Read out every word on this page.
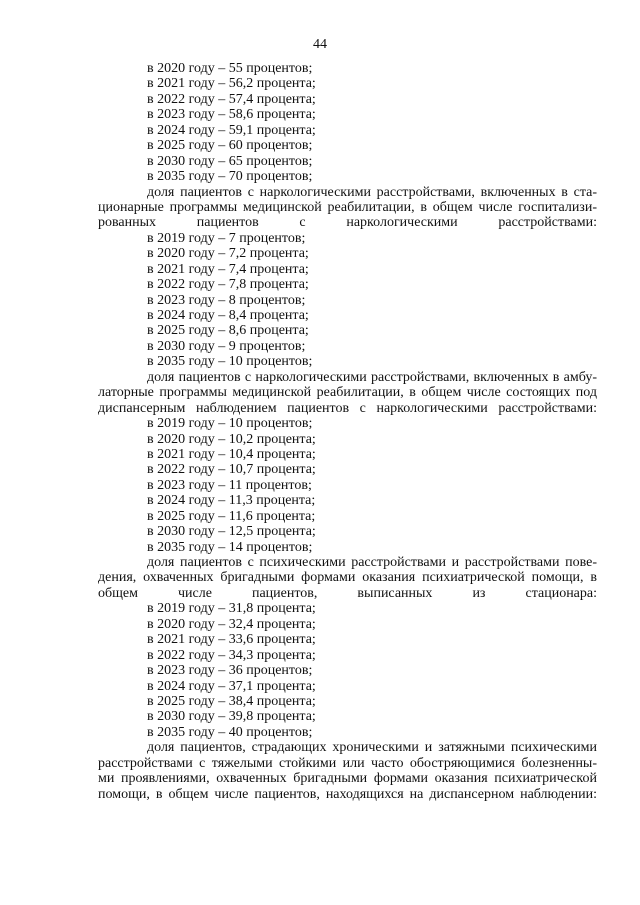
44
в 2020 году – 55 процентов;
в 2021 году – 56,2 процента;
в 2022 году – 57,4 процента;
в 2023 году – 58,6 процента;
в 2024 году – 59,1 процента;
в 2025 году – 60 процентов;
в 2030 году – 65 процентов;
в 2035 году – 70 процентов;
доля пациентов с наркологическими расстройствами, включенных в ста-
ционарные программы медицинской реабилитации, в общем числе госпитализи-
рованных пациентов с наркологическими расстройствами:
в 2019 году – 7 процентов;
в 2020 году – 7,2 процента;
в 2021 году – 7,4 процента;
в 2022 году – 7,8 процента;
в 2023 году – 8 процентов;
в 2024 году – 8,4 процента;
в 2025 году – 8,6 процента;
в 2030 году – 9 процентов;
в 2035 году – 10 процентов;
доля пациентов с наркологическими расстройствами, включенных в амбу-
латорные программы медицинской реабилитации, в общем числе состоящих под
диспансерным наблюдением пациентов с наркологическими расстройствами:
в 2019 году – 10 процентов;
в 2020 году – 10,2 процента;
в 2021 году – 10,4 процента;
в 2022 году – 10,7 процента;
в 2023 году – 11 процентов;
в 2024 году – 11,3 процента;
в 2025 году – 11,6 процента;
в 2030 году – 12,5 процента;
в 2035 году – 14 процентов;
доля пациентов с психическими расстройствами и расстройствами пове-
дения, охваченных бригадными формами оказания психиатрической помощи, в
общем числе пациентов, выписанных из стационара:
в 2019 году – 31,8 процента;
в 2020 году – 32,4 процента;
в 2021 году – 33,6 процента;
в 2022 году – 34,3 процента;
в 2023 году – 36 процентов;
в 2024 году – 37,1 процента;
в 2025 году – 38,4 процента;
в 2030 году – 39,8 процента;
в 2035 году – 40 процентов;
доля пациентов, страдающих хроническими и затяжными психическими
расстройствами с тяжелыми стойкими или часто обостряющимися болезненны-
ми проявлениями, охваченных бригадными формами оказания психиатрической
помощи, в общем числе пациентов, находящихся на диспансерном наблюдении:
